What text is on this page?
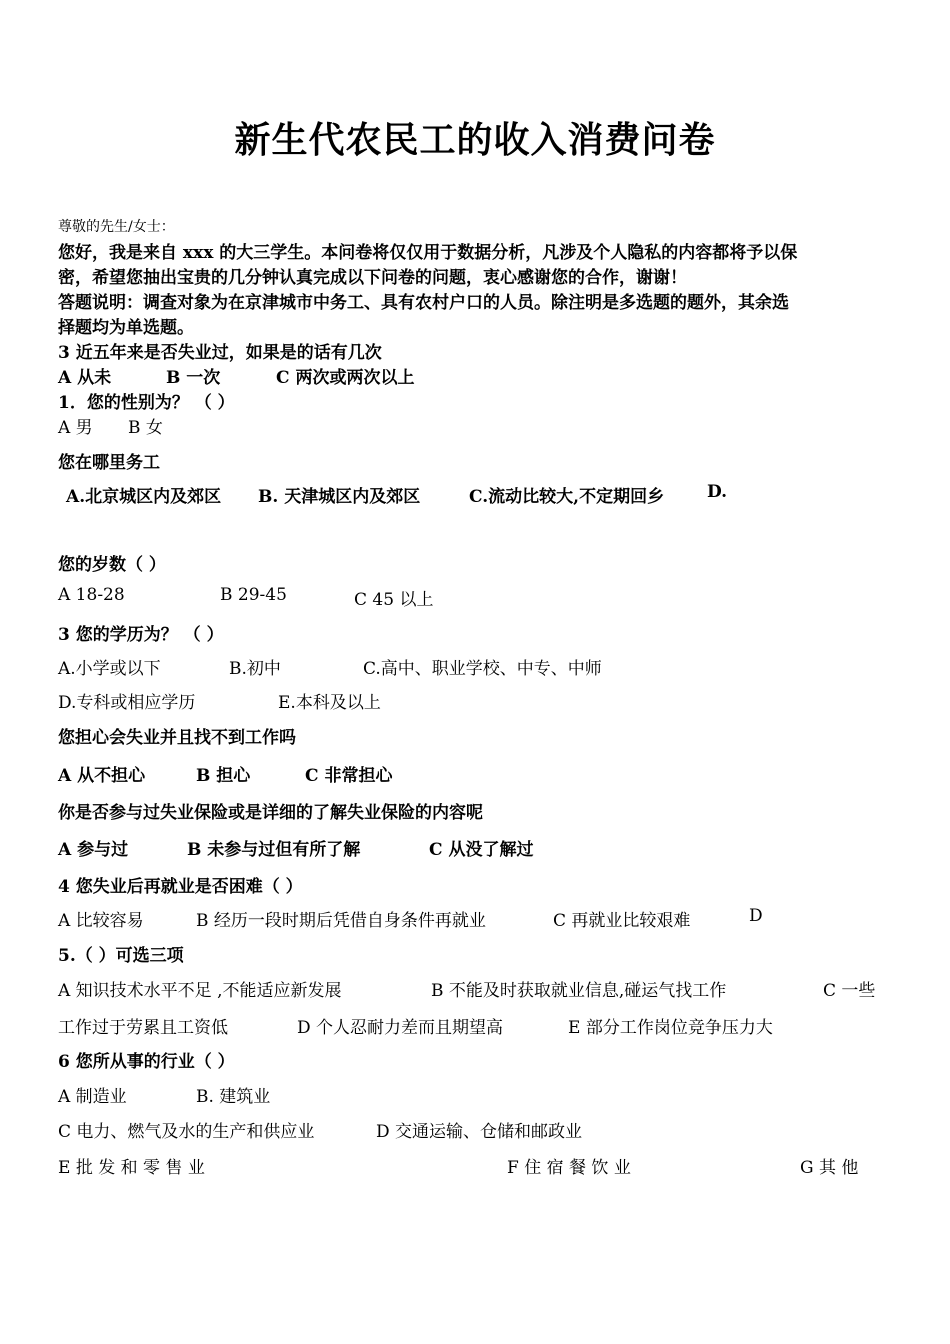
新生代农民工的收入消费问卷
尊敬的先生/女士：
您好，我是来自 xxx 的大三学生。本问卷将仅仅用于数据分析，凡涉及个人隐私的内容都将予以保
密，希望您抽出宝贵的几分钟认真完成以下问卷的问题，衷心感谢您的合作，谢谢！
答题说明：调查对象为在京津城市中务工、具有农村户口的人员。除注明是多选题的题外，其余选
择题均为单选题。
3 近五年来是否失业过，如果是的话有几次
A 从未	B 一次	C 两次或两次以上
1．您的性别为？ （ ）
A 男 B 女
您在哪里务工
A.北京城区内及郊区 B. 天津城区内及郊区	C.流动比较大,不定期回乡	D.
您的岁数（ ）
A 18-28	B 29-45	C 45 以上
3 您的学历为？ （ ）
A.小学或以下	B.初中	C.高中、职业学校、中专、中师
D.专科或相应学历	E.本科及以上
您担心会失业并且找不到工作吗
A 从不担心	B 担心	C 非常担心
你是否参与过失业保险或是详细的了解失业保险的内容呢
A 参与过	B 未参与过但有所了解	C 从没了解过
4 您失业后再就业是否困难（ ）
A 比较容易	B 经历一段时期后凭借自身条件再就业	C 再就业比较艰难	D
5.（ ）可选三项
A 知识技术水平不足 ,不能适应新发展	B 不能及时获取就业信息,碰运气找工作	C 一些
工作过于劳累且工资低	D 个人忍耐力差而且期望高	E 部分工作岗位竞争压力大
6 您所从事的行业（ ）
A 制造业	B. 建筑业
C 电力、燃气及水的生产和供应业	D 交通运输、仓储和邮政业
E 批 发 和 零 售 业	F 住 宿 餐 饮 业	G 其 他
